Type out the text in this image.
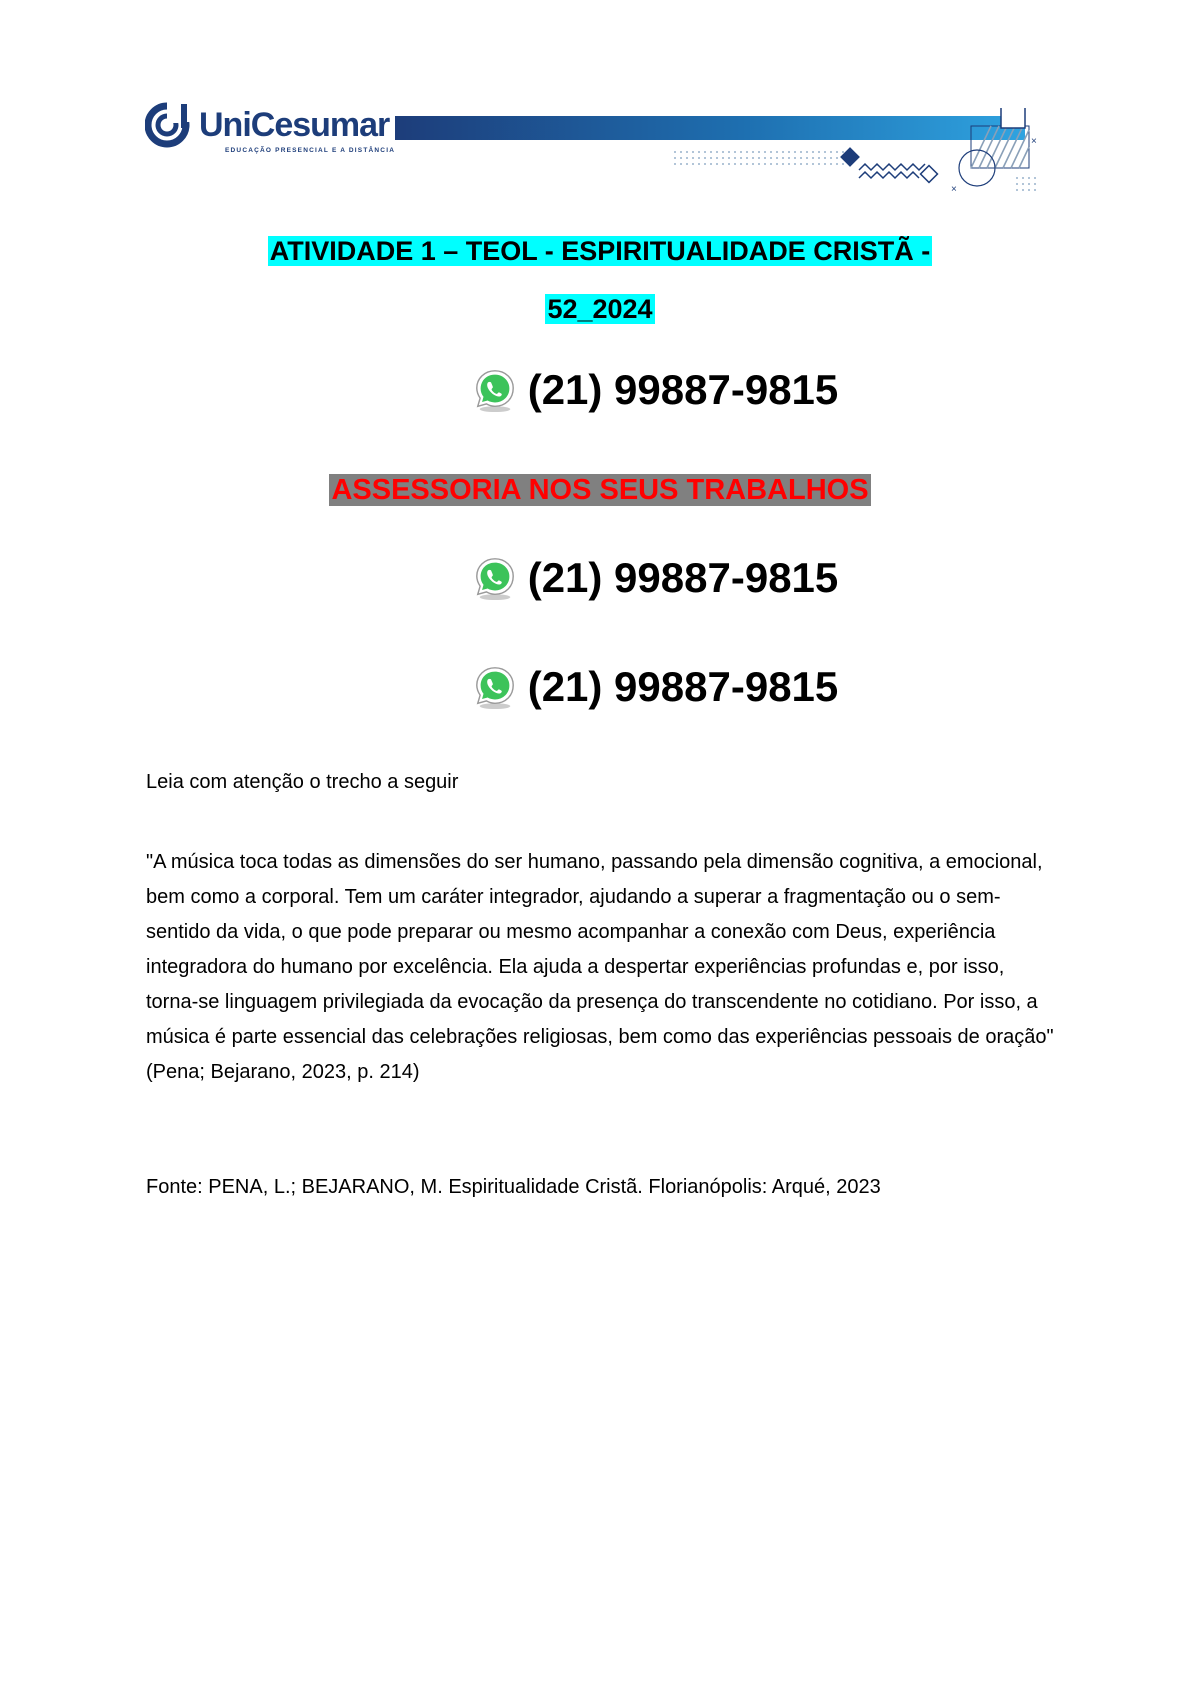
UniCesumar
EDUCAÇÃO PRESENCIAL E A DISTÂNCIA
×
×
ATIVIDADE 1 – TEOL - ESPIRITUALIDADE CRISTÃ -
52_2024
(21) 99887-9815
ASSESSORIA NOS SEUS TRABALHOS
(21) 99887-9815
(21) 99887-9815
Leia com atenção o trecho a seguir
"A música toca todas as dimensões do ser humano, passando pela dimensão cognitiva, a emocional, bem como a corporal. Tem um caráter integrador, ajudando a superar a fragmentação ou o sem-sentido da vida, o que pode preparar ou mesmo acompanhar a conexão com Deus, experiência integradora do humano por excelência. Ela ajuda a despertar experiências profundas e, por isso, torna-se linguagem privilegiada da evocação da presença do transcendente no cotidiano. Por isso, a música é parte essencial das celebrações religiosas, bem como das experiências pessoais de oração" (Pena; Bejarano, 2023, p. 214)
Fonte: PENA, L.; BEJARANO, M. Espiritualidade Cristã. Florianópolis: Arqué, 2023
